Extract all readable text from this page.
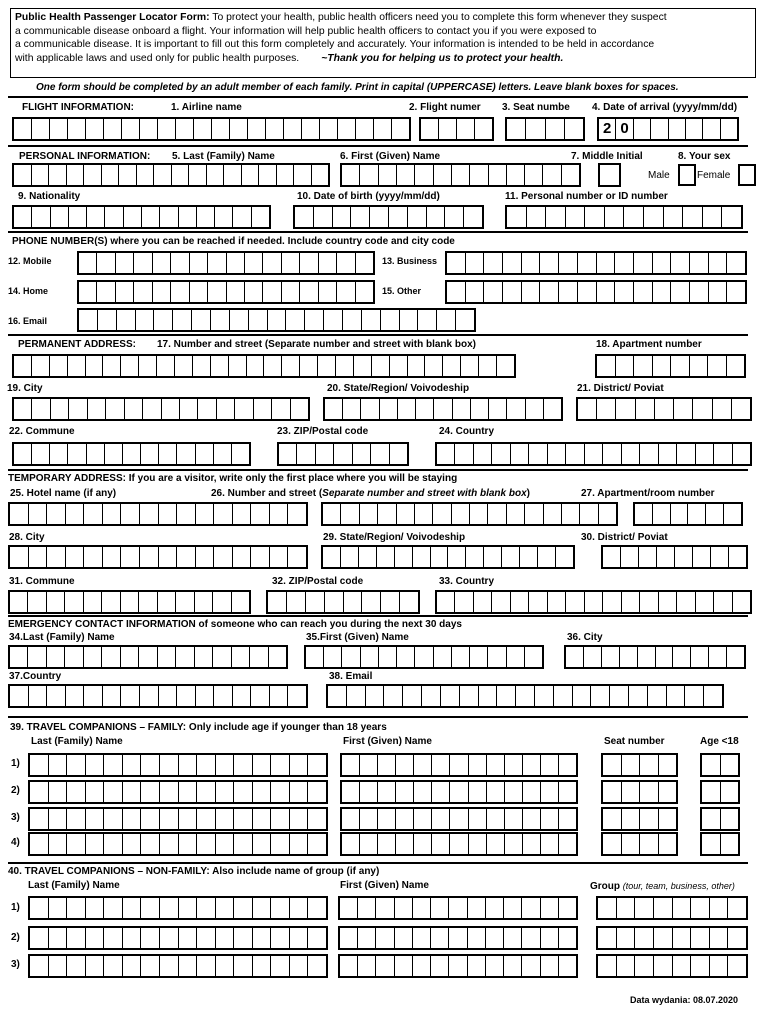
Public Health Passenger Locator Form: To protect your health, public health officers need you to complete this form whenever they suspect
a communicable disease onboard a flight. Your information will help public health officers to contact you if you were exposed to
a communicable disease. It is important to fill out this form completely and accurately. Your information is intended to be held in accordance
with applicable laws and used only for public health purposes. ~Thank you for helping us to protect your health.
One form should be completed by an adult member of each family. Print in capital (UPPERCASE) letters. Leave blank boxes for spaces.
FLIGHT INFORMATION:	1. Airline name	2. Flight numer 3. Seat numbe 4. Date of arrival (yyyy/mm/dd)
2 0
PERSONAL INFORMATION: 5. Last (Family) Name	6. First (Given) Name	7. Middle Initial	8. Your sex
Male	Female
9. Nationality	10. Date of birth (yyyy/mm/dd)	11. Personal number or ID number
PHONE NUMBER(S) where you can be reached if needed. Include country code and city code
12. Mobile	13. Business
14. Home	15. Other
16. Email
PERMANENT ADDRESS: 17. Number and street (Separate number and street with blank box)	18. Apartment number
19. City	20. State/Region/ Voivodeship	21. District/ Poviat
22. Commune	23. ZIP/Postal code	24. Country
TEMPORARY ADDRESS: If you are a visitor, write only the first place where you will be staying
25. Hotel name (if any)	26. Number and street (Separate number and street with blank box)	27. Apartment/room number
28. City	29. State/Region/ Voivodeship	30. District/ Poviat
31. Commune	32. ZIP/Postal code	33. Country
EMERGENCY CONTACT INFORMATION of someone who can reach you during the next 30 days
34.Last (Family) Name	35.First (Given) Name	36. City
37.Country	38. Email
39. TRAVEL COMPANIONS – FAMILY: Only include age if younger than 18 years
Last (Family) Name	First (Given) Name	Seat number	Age <18
1)
2)
3)
4)
40. TRAVEL COMPANIONS – NON-FAMILY: Also include name of group (if any)
Last (Family) Name	First (Given) Name	Group (tour, team, business, other)
1)
2)
3)
Data wydania: 08.07.2020
